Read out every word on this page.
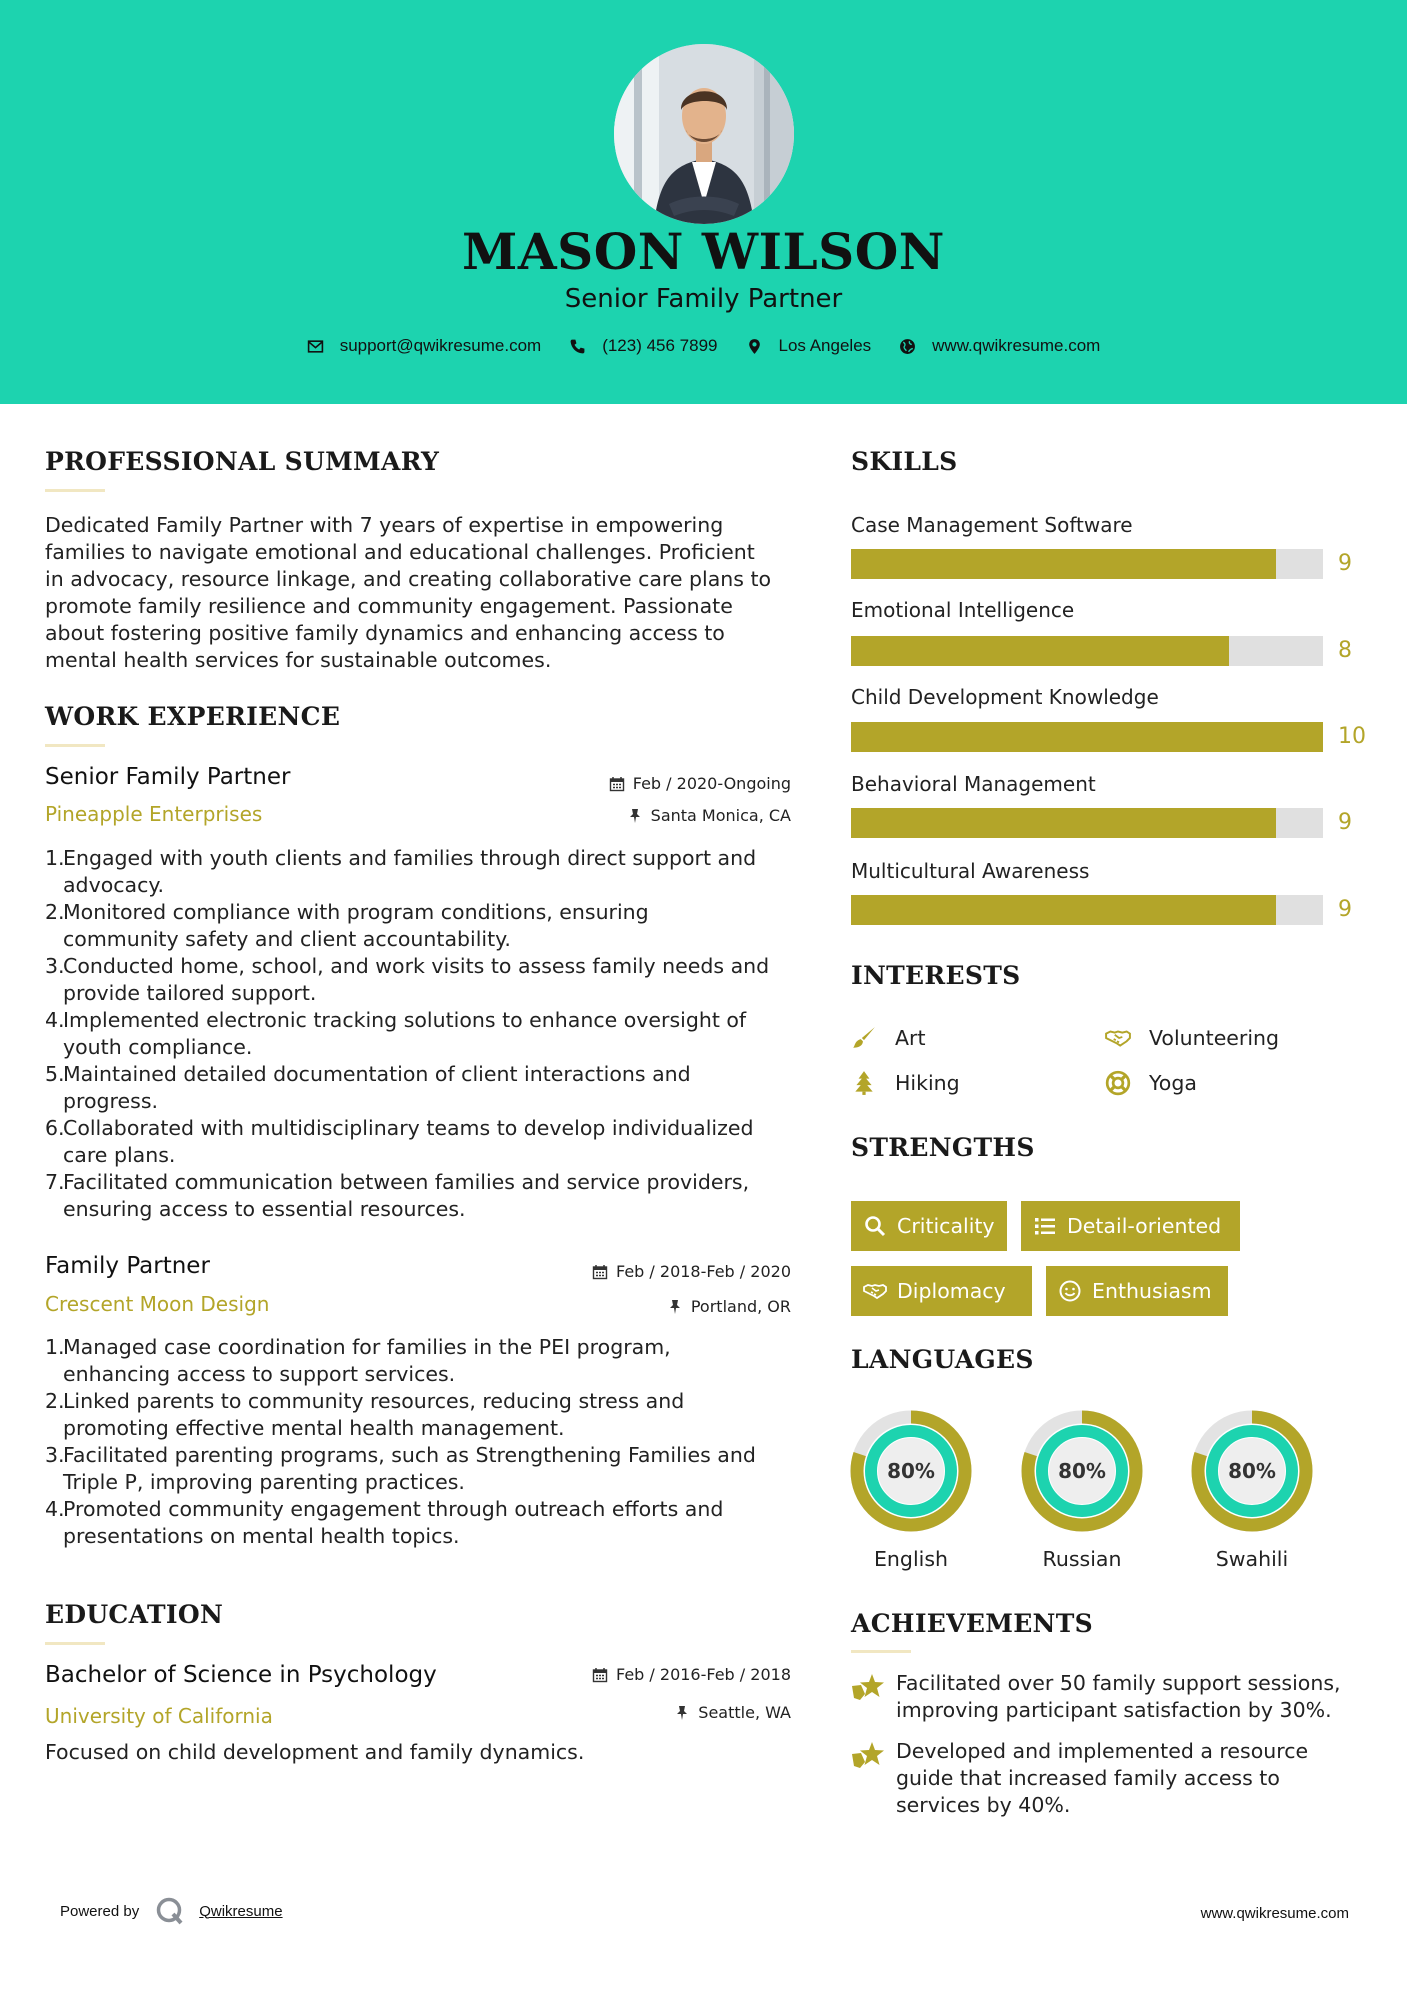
MASON WILSON
Senior Family Partner
support@qwikresume.com	(123) 456 7899	Los Angeles	www.qwikresume.com
PROFESSIONAL SUMMARY
Dedicated Family Partner with 7 years of expertise in empowering
families to navigate emotional and educational challenges. Proficient
in advocacy, resource linkage, and creating collaborative care plans to
promote family resilience and community engagement. Passionate
about fostering positive family dynamics and enhancing access to
mental health services for sustainable outcomes.
WORK EXPERIENCE
Senior Family Partner	Feb / 2020-Ongoing
Pineapple Enterprises	Santa Monica, CA
1.
Engaged with youth clients and families through direct support and
advocacy.
2.
Monitored compliance with program conditions, ensuring
community safety and client accountability.
3.
Conducted home, school, and work visits to assess family needs and
provide tailored support.
4.
Implemented electronic tracking solutions to enhance oversight of
youth compliance.
5.
Maintained detailed documentation of client interactions and
progress.
6.
Collaborated with multidisciplinary teams to develop individualized
care plans.
7.
Facilitated communication between families and service providers,
ensuring access to essential resources.
Family Partner	Feb / 2018-Feb / 2020
Crescent Moon Design	Portland, OR
1.
Managed case coordination for families in the PEI program,
enhancing access to support services.
2.
Linked parents to community resources, reducing stress and
promoting effective mental health management.
3.
Facilitated parenting programs, such as Strengthening Families and
Triple P, improving parenting practices.
4.
Promoted community engagement through outreach efforts and
presentations on mental health topics.
EDUCATION
Bachelor of Science in Psychology	Feb / 2016-Feb / 2018
University of California	Seattle, WA
Focused on child development and family dynamics.
SKILLS
Case Management Software
9
Emotional Intelligence
8
Child Development Knowledge
10
Behavioral Management
9
Multicultural Awareness
9
INTERESTS
Art	Volunteering
Hiking	Yoga
STRENGTHS
Criticality	Detail-oriented
Diplomacy	Enthusiasm
LANGUAGES
80%
English
80%
Russian
80%
Swahili
ACHIEVEMENTS
Facilitated over 50 family support sessions,
improving participant satisfaction by 30%.
Developed and implemented a resource
guide that increased family access to
services by 40%.
Powered by	Qwikresume	www.qwikresume.com
